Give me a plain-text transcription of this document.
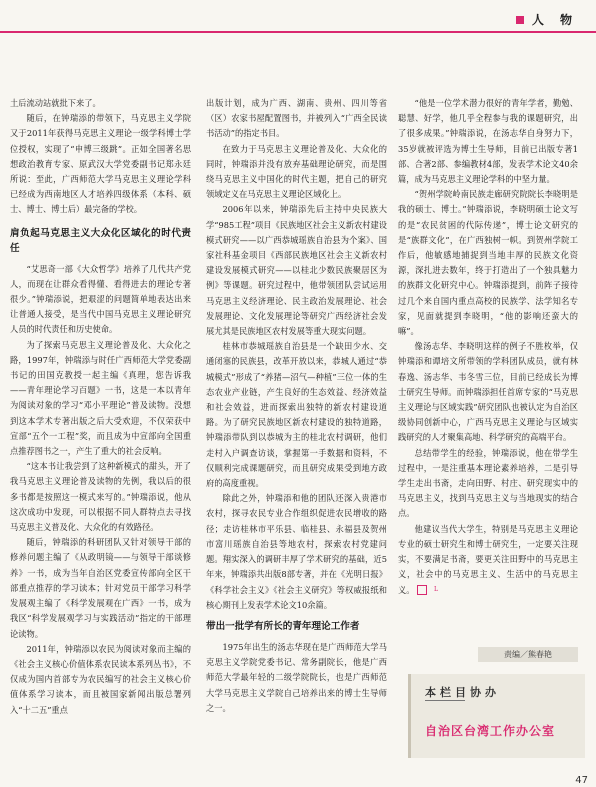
人 物

土后流动站就批下来了。

随后，在钟瑞添的带领下，马克思主义学院又于2011年获得马克思主义理论一级学科博士学位授权，实现了“申博三级跳”。正如全国著名思想政治教育专家、原武汉大学党委副书记郑永廷所说：至此，广西师范大学马克思主义理论学科已经成为西南地区人才培养四级体系（本科、硕士、博士、博士后）最完备的学校。

肩负起马克思主义大众化区域化的时代责任

“艾思奇一部《大众哲学》培养了几代共产党人，而现在让群众看得懂、看得进去的理论专著很少。”钟瑞添说，把艰涩的问题简单地表达出来让普通人接受，是当代中国马克思主义理论研究人员的时代责任和历史使命。

为了探索马克思主义理论普及化、大众化之路，1997年，钟瑞添与时任广西师范大学党委副书记的田国克教授一起主编《真理，您告诉我——青年理论学习百题》一书，这是一本以青年为阅读对象的学习“邓小平理论”普及读物。没想到这本学术专著出版之后大受欢迎，不仅荣获中宣部“五个一工程”奖，而且成为中宣部向全国重点推荐图书之一，产生了重大的社会反响。

“这本书让我尝到了这种新模式的甜头，开了我马克思主义理论普及读物的先例，我以后的很多书都是按照这一模式来写的。”钟瑞添说，他从这次成功中发现，可以根据不同人群特点去寻找马克思主义普及化、大众化的有效路径。

随后，钟瑞添的科研团队又针对领导干部的修养问题主编了《从政明镜——与领导干部谈修养》一书，成为当年自治区党委宣传部向全区干部重点推荐的学习读本；针对党员干部学习科学发展观主编了《科学发展观在广西》一书，成为我区“科学发展观学习与实践活动”指定的干部理论读物。

2011年，钟瑞添以农民为阅读对象而主编的《社会主义核心价值体系农民读本系列丛书》，不仅成为国内首部专为农民编写的社会主义核心价值体系学习读本，而且被国家新闻出版总署列入“十二五”重点

出版计划，成为广西、湖南、贵州、四川等省（区）农家书屋配置图书，并被列入“广西全民读书活动”的指定书目。

在致力于马克思主义理论普及化、大众化的同时，钟瑞添并没有放弃基础理论研究，而是围绕马克思主义中国化的时代主题，把自己的研究领域定义在马克思主义理论区域化上。

2006年以来，钟瑞添先后主持中央民族大学“985工程”项目《民族地区社会主义新农村建设模式研究——以广西恭城瑶族自治县为个案》、国家社科基金项目《西部民族地区社会主义新农村建设发展模式研究——以桂北少数民族聚居区为例》等课题。研究过程中，他带领团队尝试运用马克思主义经济理论、民主政治发展理论、社会发展理论、文化发展理论等研究广西经济社会发展尤其是民族地区农村发展等重大现实问题。

桂林市恭城瑶族自治县是一个缺田少水、交通闭塞的民族县，改革开放以来，恭城人通过“恭城模式”形成了“养猪—沼气—种植”三位一体的生态农业产业链，产生良好的生态效益、经济效益和社会效益，进而探索出独特的新农村建设道路。为了研究民族地区新农村建设的独特道路，钟瑞添带队到以恭城为主的桂北农村调研，他们走村入户调查访谈，掌握第一手数据和资料，不仅顺利完成课题研究，而且研究成果受到地方政府的高度重视。

除此之外，钟瑞添和他的团队还深入贵港市农村，探寻农民专业合作组织促进农民增收的路径；走访桂林市平乐县、临桂县、永福县及贺州市富川瑶族自治县等地农村，探索农村党建问题。翔实深入的调研丰厚了学术研究的基础，近5年来，钟瑞添共出版8部专著，并在《光明日报》《科学社会主义》《社会主义研究》等权威报纸和核心期刊上发表学术论文10余篇。

带出一批学有所长的青年理论工作者

1975年出生的汤志华现在是广西师范大学马克思主义学院党委书记、常务副院长，他是广西师范大学最年轻的二级学院院长，也是广西师范大学马克思主义学院自己培养出来的博士生导师之一。

“他是一位学术潜力很好的青年学者，勤勉、聪慧、好学，他几乎全程参与我的课题研究，出了很多成果。”钟瑞添说，在汤志华自身努力下，35岁就被评选为博士生导师，目前已出版专著1部、合著2部、参编教材4部，发表学术论文40余篇，成为马克思主义理论学科的中坚力量。

“贺州学院岭南民族走廊研究院院长李晓明是我的硕士、博士。”钟瑞添说，李晓明硕士论文写的是“农民贫困的代际传递”，博士论文研究的是“族群文化”，在广西独树一帜。到贺州学院工作后，他敏感地捕捉到当地丰厚的民族文化资源，深扎进去数年，终于打造出了一个独具魅力的族群文化研究中心。钟瑞添提到，前阵子接待过几个来自国内重点高校的民族学、法学知名专家，见面就提到李晓明，“他的影响还蛮大的嘛”。

像汤志华、李晓明这样的例子不胜枚举，仅钟瑞添和谭培文所带领的学科团队成员，就有林春逸、汤志华、韦冬雪三位，目前已经成长为博士研究生导师。而钟瑞添担任首席专家的“马克思主义理论与区域实践”研究团队也被认定为自治区级协同创新中心，广西马克思主义理论与区域实践研究的人才聚集高地、科学研究的高端平台。

总结带学生的经验，钟瑞添说，他在带学生过程中，一是注重基本理论素养培养，二是引导学生走出书斋，走向田野、村庄、研究现实中的马克思主义，找到马克思主义与当地现实的结合点。

他建议当代大学生，特别是马克思主义理论专业的硕士研究生和博士研究生，一定要关注现实，不要满足书斋，要更关注田野中的马克思主义，社会中的马克思主义、生活中的马克思主义。	L

责编／熊春艳
本栏目协办
自治区台湾工作办公室
47
